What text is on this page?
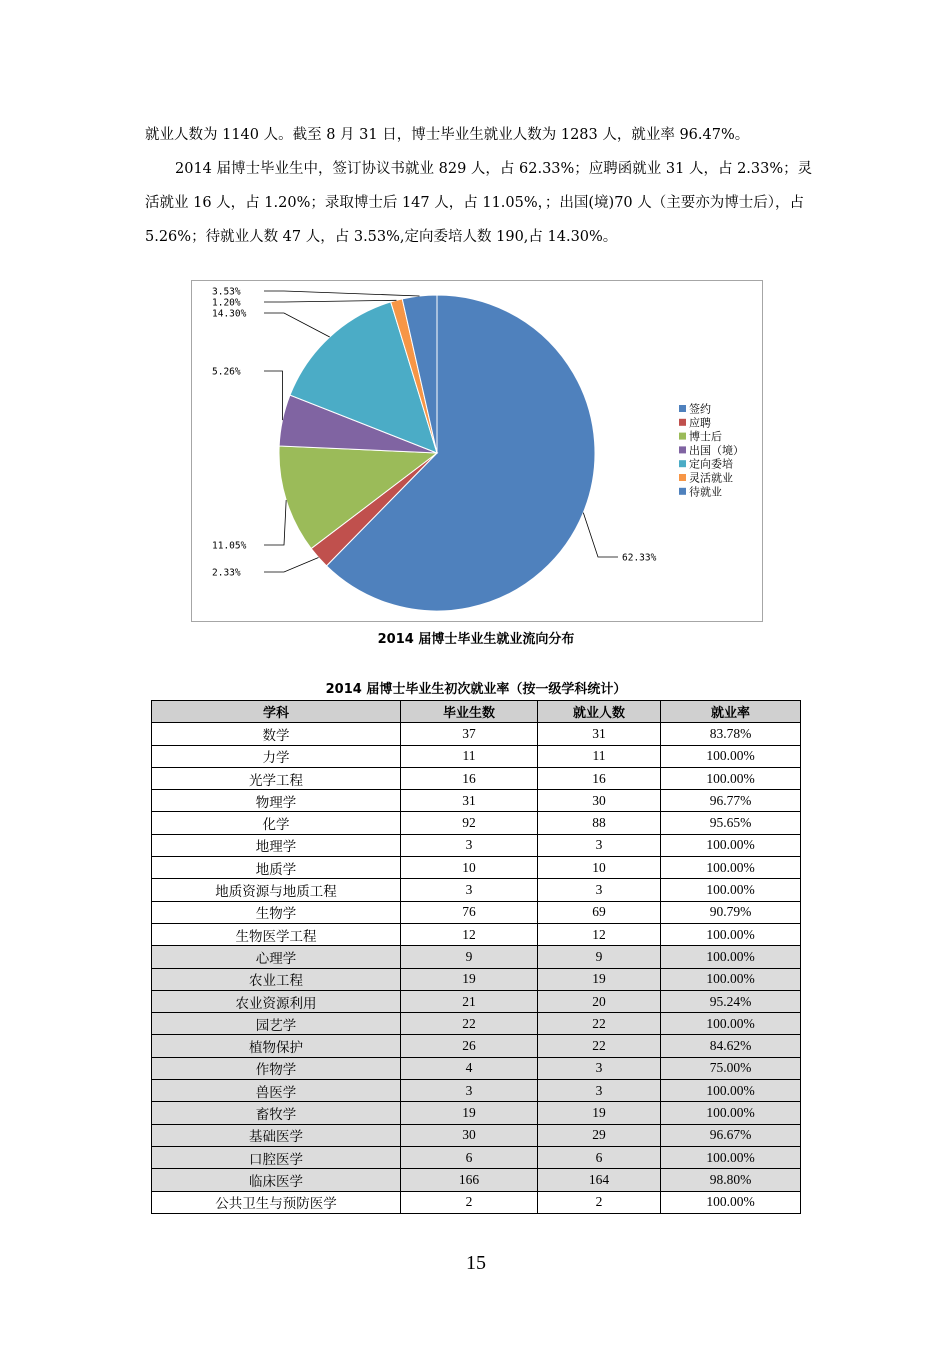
就业人数为 1140 人。截至 8 月 31 日，博士毕业生就业人数为 1283 人，就业率 96.47%。

2014 届博士毕业生中，签订协议书就业 829 人，占 62.33%；应聘函就业 31 人，占 2.33%；灵活就业 16 人，占 1.20%；录取博士后 147 人，占 11.05%，；出国(境)70 人（主要亦为博士后），占 5.26%；待就业人数 47 人，占 3.53%,定向委培人数 190,占 14.30%。

62.33%
2.33%
11.05%
5.26%
14.30%
1.20%
3.53%
签约
应聘
博士后
出国（境）
定向委培
灵活就业
待就业
2014 届博士毕业生就业流向分布
2014 届博士毕业生初次就业率（按一级学科统计）
学科	毕业生数	就业人数	就业率
数学	37	31	83.78%
力学	11	11	100.00%
光学工程	16	16	100.00%
物理学	31	30	96.77%
化学	92	88	95.65%
地理学	3	3	100.00%
地质学	10	10	100.00%
地质资源与地质工程	3	3	100.00%
生物学	76	69	90.79%
生物医学工程	12	12	100.00%
心理学	9	9	100.00%
农业工程	19	19	100.00%
农业资源利用	21	20	95.24%
园艺学	22	22	100.00%
植物保护	26	22	84.62%
作物学	4	3	75.00%
兽医学	3	3	100.00%
畜牧学	19	19	100.00%
基础医学	30	29	96.67%
口腔医学	6	6	100.00%
临床医学	166	164	98.80%
公共卫生与预防医学	2	2	100.00%
15
